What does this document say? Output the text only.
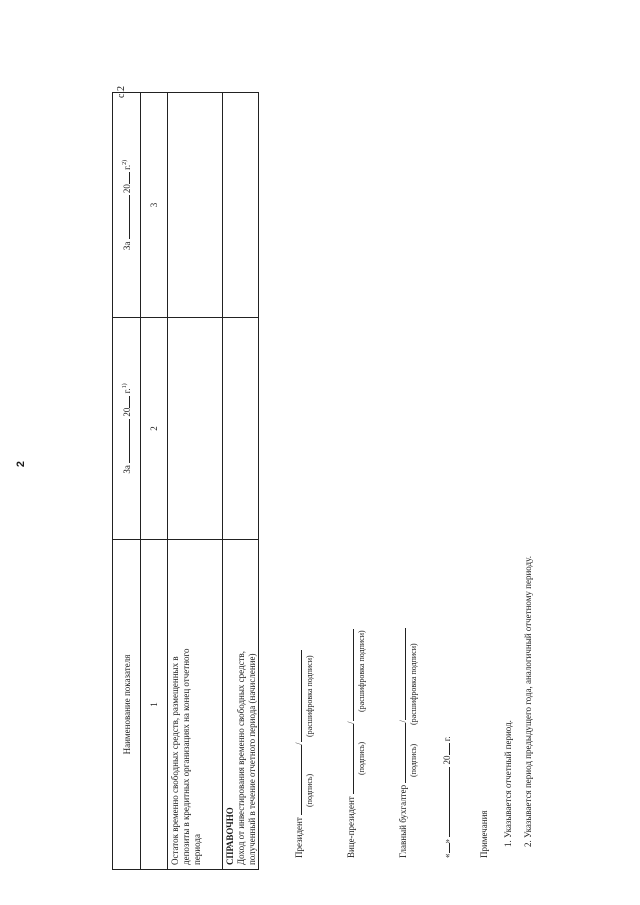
2
с.2
Наименование показателя	За  20 г.$^{1)}$	За  20 г.$^{2)}$
1	2	3

Остаток временно свободных средств, размещенных в депозиты в кредитных организациях на конец отчетного периода		

СПРАВОЧНО Доход от инвестирования временно свободных средств, полученный в течение отчетного периода (начисление)		
			Президент /
(подпись)
(расшифровка подписи)
Вице-президент /
(подпись)
(расшифровка подписи)
Главный бухгалтер /
(подпись)
(расшифровка подписи)
«»  20 г.
Примечания 1. Указывается отчетный период. 2. Указывается период предыдущего года, аналогичный отчетному периоду.
